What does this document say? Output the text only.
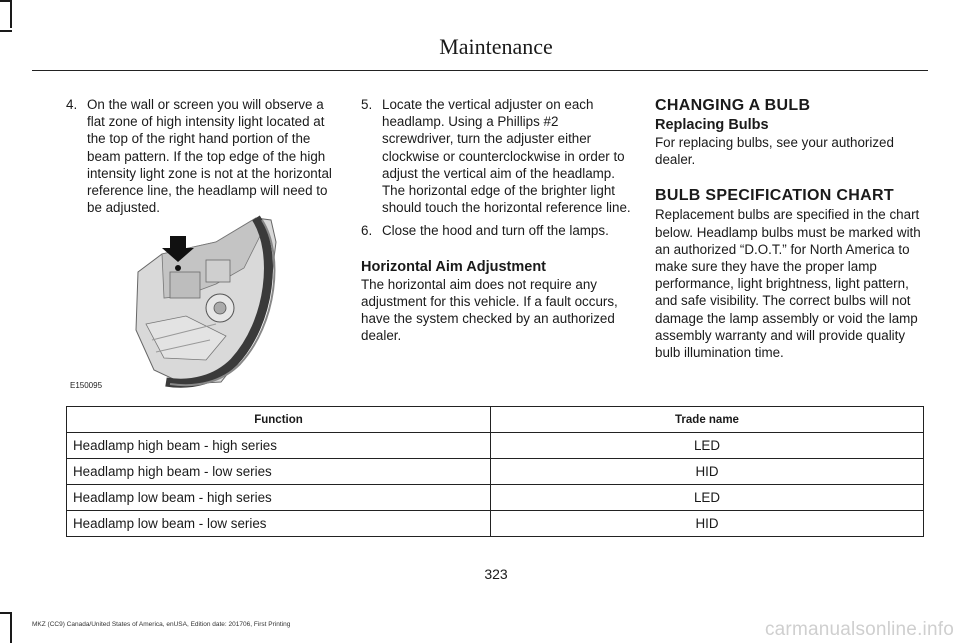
Maintenance
4. On the wall or screen you will observe a flat zone of high intensity light located at the top of the right hand portion of the beam pattern. If the top edge of the high intensity light zone is not at the horizontal reference line, the headlamp will need to be adjusted.

E150095
5. Locate the vertical adjuster on each headlamp. Using a Phillips #2 screwdriver, turn the adjuster either clockwise or counterclockwise in order to adjust the vertical aim of the headlamp. The horizontal edge of the brighter light should touch the horizontal reference line.

6. Close the hood and turn off the lamps.

Horizontal Aim Adjustment

The horizontal aim does not require any adjustment for this vehicle. If a fault occurs, have the system checked by an authorized dealer.

CHANGING A BULB

Replacing Bulbs

For replacing bulbs, see your authorized dealer.

BULB SPECIFICATION CHART

Replacement bulbs are specified in the chart below. Headlamp bulbs must be marked with an authorized “D.O.T.” for North America to make sure they have the proper lamp performance, light brightness, light pattern, and safe visibility. The correct bulbs will not damage the lamp assembly or void the lamp assembly warranty and will provide quality bulb illumination time.

Function	Trade name
Headlamp high beam - high series	LED
Headlamp high beam - low series	HID
Headlamp low beam - high series	LED
Headlamp low beam - low series	HID
323
MKZ (CC9) Canada/United States of America, enUSA, Edition date: 201706, First Printing	carmanualsonline.info
